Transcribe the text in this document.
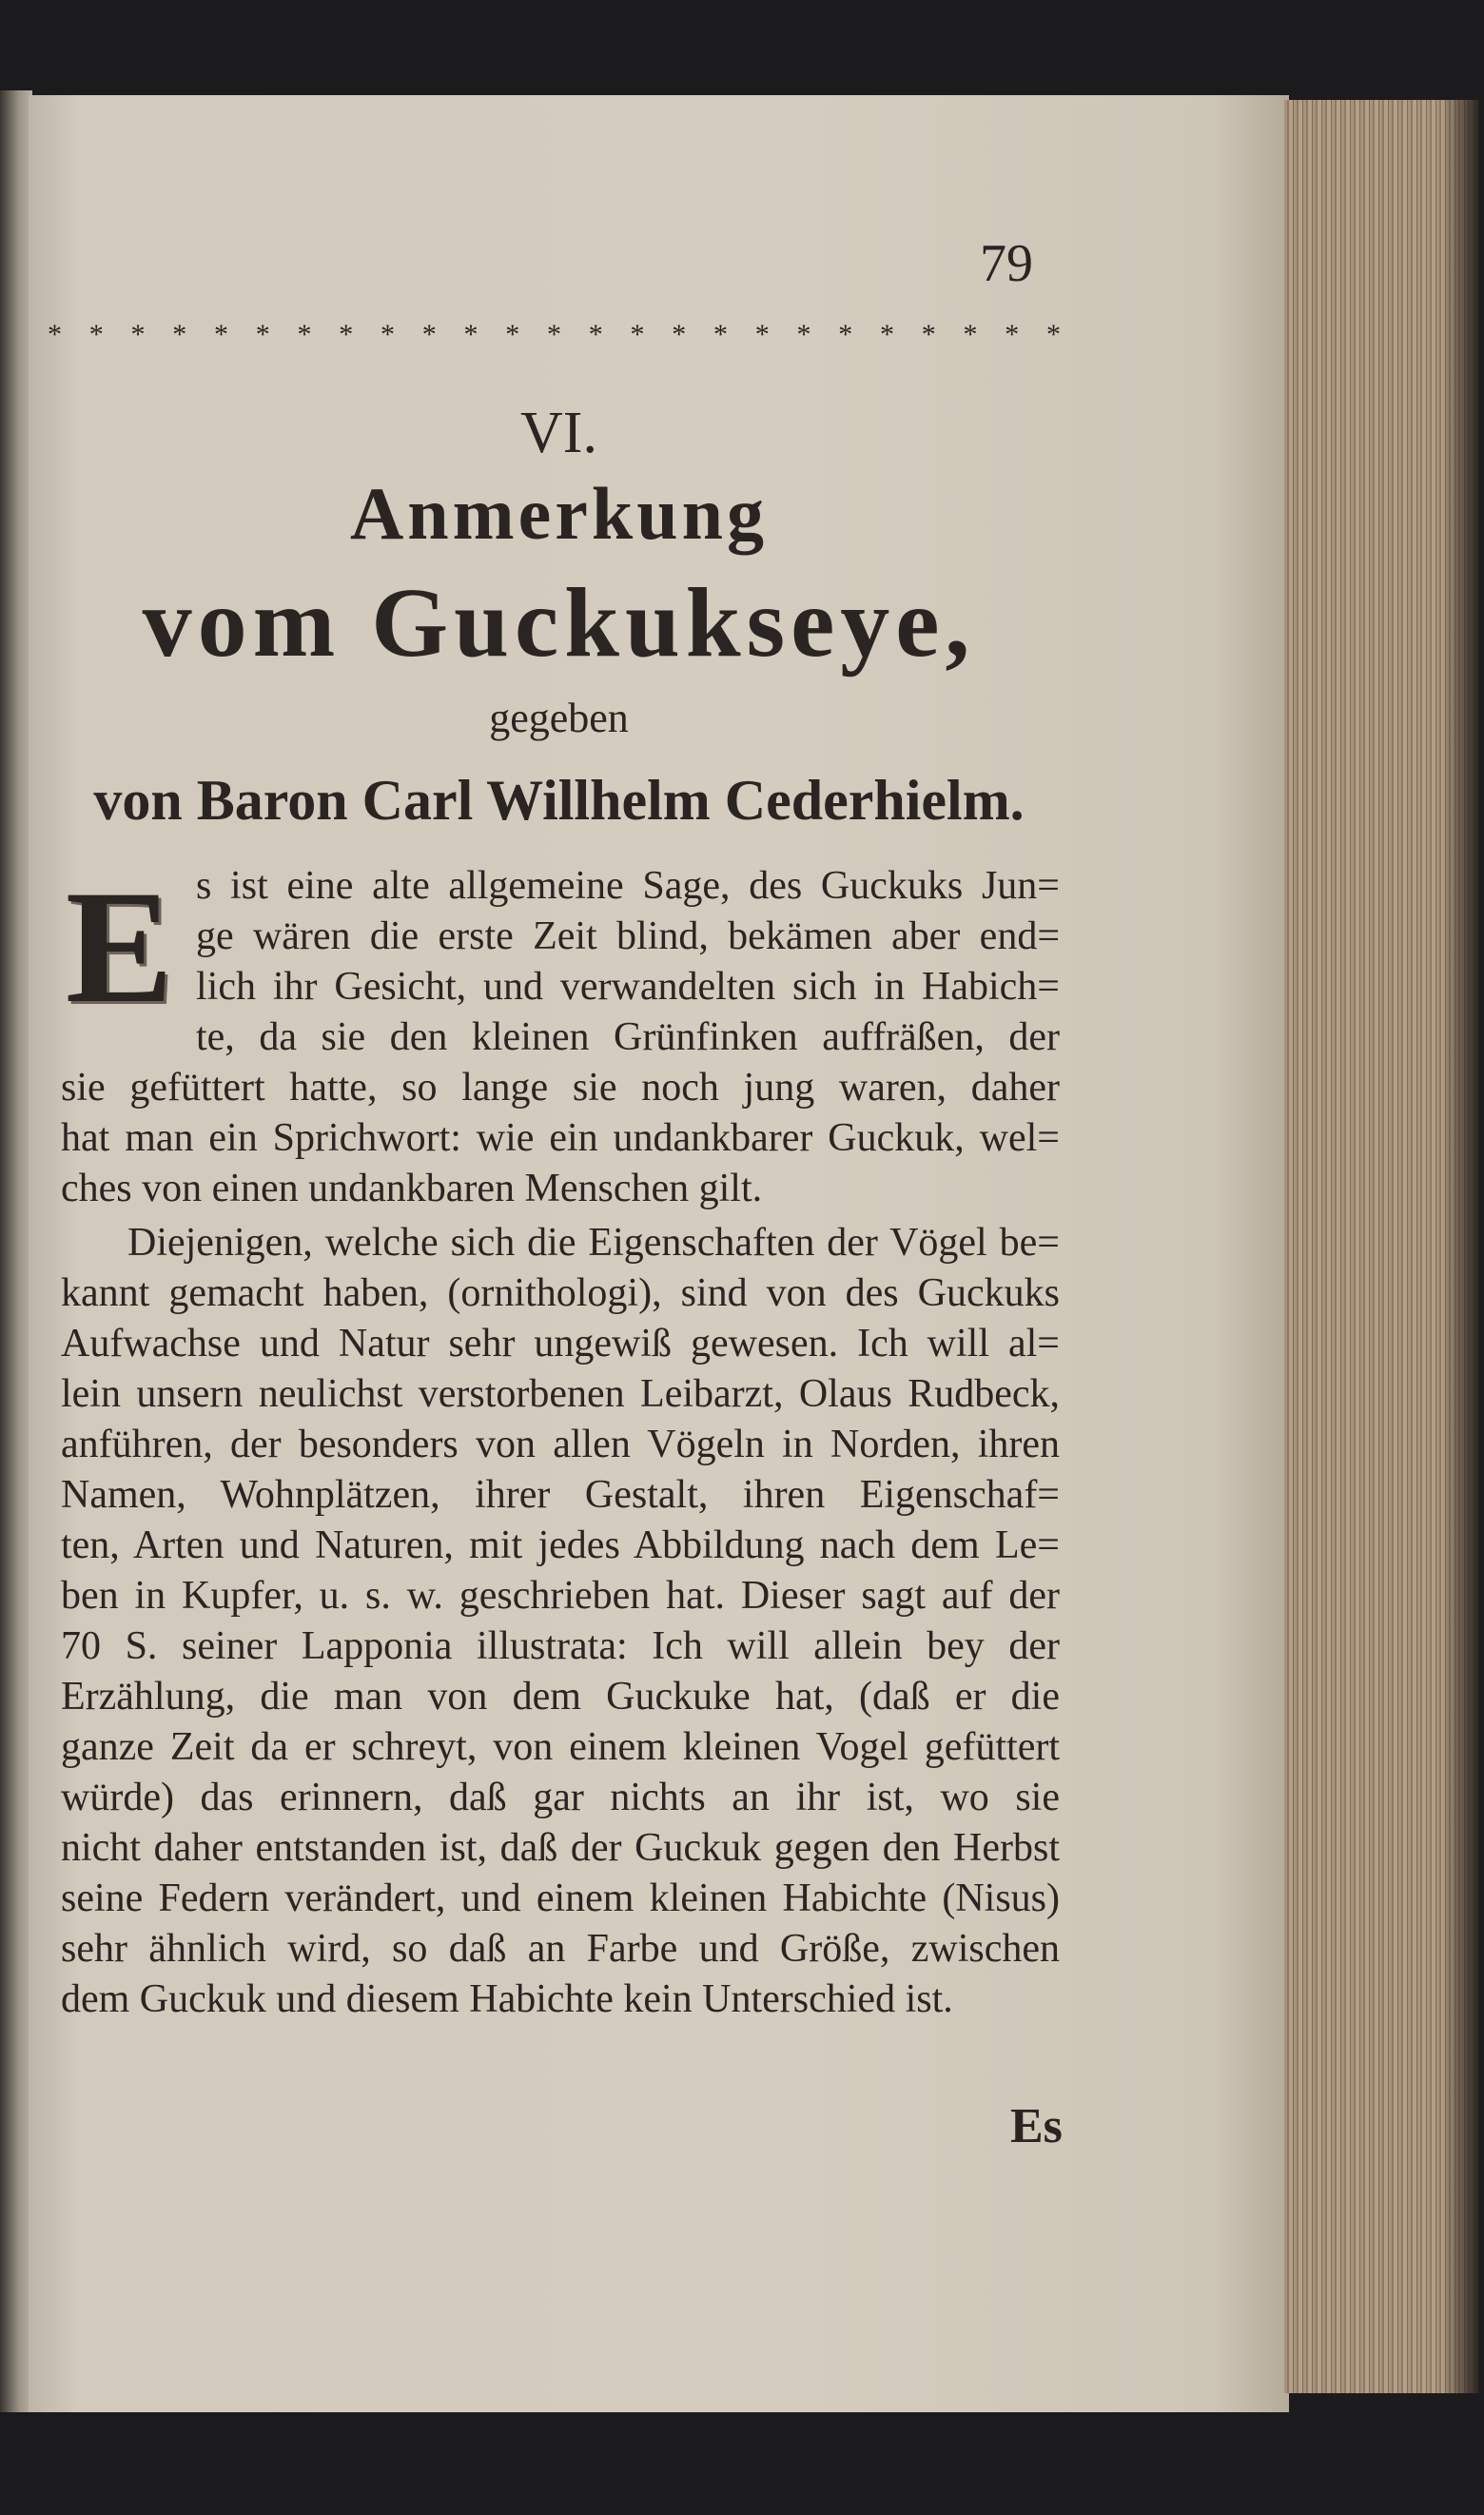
79
* * * * * * * * * * * * * * * * * * * * * * * * *
VI.
Anmerkung
vom Guckukseye,
gegeben
von Baron Carl Willhelm Cederhielm.
E s ist eine alte allgemeine Sage, des Guckuks Jun=
ge wären die erste Zeit blind, bekämen aber end=
lich ihr Gesicht, und verwandelten sich in Habich=
te, da sie den kleinen Grünfinken auffräßen, der
sie gefüttert hatte, so lange sie noch jung waren, daher
hat man ein Sprichwort: wie ein undankbarer Guckuk, wel=
ches von einen undankbaren Menschen gilt.
Diejenigen, welche sich die Eigenschaften der Vögel be=
kannt gemacht haben, (ornithologi), sind von des Guckuks
Aufwachse und Natur sehr ungewiß gewesen. Ich will al=
lein unsern neulichst verstorbenen Leibarzt, Olaus Rudbeck,
anführen, der besonders von allen Vögeln in Norden, ihren
Namen, Wohnplätzen, ihrer Gestalt, ihren Eigenschaf=
ten, Arten und Naturen, mit jedes Abbildung nach dem Le=
ben in Kupfer, u. s. w. geschrieben hat. Dieser sagt auf der
70 S. seiner Lapponia illustrata: Ich will allein bey der
Erzählung, die man von dem Guckuke hat, (daß er die
ganze Zeit da er schreyt, von einem kleinen Vogel gefüttert
würde) das erinnern, daß gar nichts an ihr ist, wo sie
nicht daher entstanden ist, daß der Guckuk gegen den Herbst
seine Federn verändert, und einem kleinen Habichte (Nisus)
sehr ähnlich wird, so daß an Farbe und Größe, zwischen
dem Guckuk und diesem Habichte kein Unterschied ist.
Es
